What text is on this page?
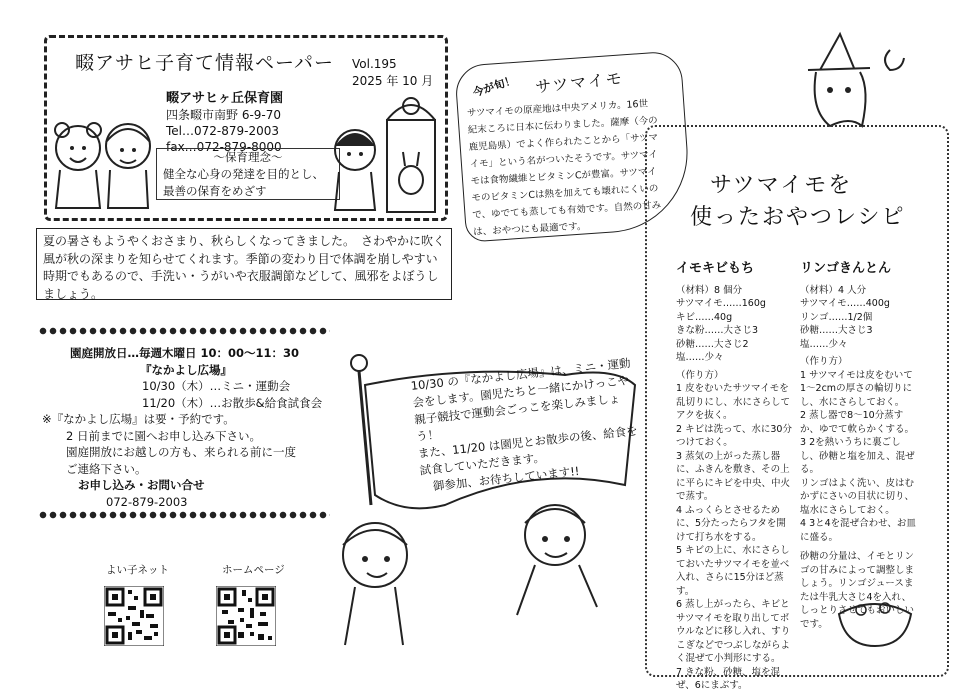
畷アサヒ子育て情報ペーパー Vol.195
2025 年 10 月
畷アサヒヶ丘保育園
四条畷市南野 6-9-70
Tel…072-879-2003
fax…072-879-8000
～保育理念～
健全な心身の発達を目的とし、
最善の保育をめざす
夏の暑さもようやくおさまり、秋らしくなってきました。　さわやかに吹く風が秋の深まりを知らせてくれます。季節の変わり目で体調を崩しやすい時期でもあるので、手洗い・うがいや衣服調節などして、風邪をよぼうしましょう。
園庭開放日…毎週木曜日 10：00～11：30
『なかよし広場』
10/30（木）…ミニ・運動会
11/20（木）…お散歩&給食試食会
※『なかよし広場』は要・予約です。
2 日前までに園へお申し込み下さい。
園庭開放にお越しの方も、来られる前に一度
ご連絡下さい。
お申し込み・お問い合せ
072-879-2003
よい子ネット	ホームページ
10/30 の『なかよし広場』は、ミニ・運動会をします。園児たちと一緒にかけっこや親子競技で運動会ごっこを楽しみましょう！
また、11/20 は園児とお散歩の後、給食を試食していただきます。
　御参加、お待ちしています!!
今が旬！ サツマイモ
サツマイモの原産地は中央アメリカ。16世紀末ころに日本に伝わりました。薩摩（今の鹿児島県）でよく作られたことから「サツマイモ」という名がついたそうです。サツマイモは食物繊維とビタミンCが豊富。サツマイモのビタミンCは熱を加えても壊れにくいので、ゆでても蒸しても有効です。自然の甘みは、おやつにも最適です。
サツマイモを
使ったおやつレシピ
イモキビもち
（材料）8 個分
サツマイモ……160g
キビ……40g
きな粉……大さじ3
砂糖……大さじ2
塩……少々
（作り方）
1 皮をむいたサツマイモを乱切りにし、水にさらしてアクを抜く。
2 キビは洗って、水に30分つけておく。
3 蒸気の上がった蒸し器に、ふきんを敷き、その上に平らにキビを中央、中火で蒸す。
4 ふっくらとさせるために、5分たったらフタを開けて打ち水をする。
5 キビの上に、水にさらしておいたサツマイモを並べ入れ、さらに15分ほど蒸す。
6 蒸し上がったら、キビとサツマイモを取り出してボウルなどに移し入れ、すりこぎなどでつぶしながらよく混ぜて小判形にする。
7 きな粉、砂糖、塩を混ぜ、6にまぶす。
リンゴきんとん
（材料）4 人分
サツマイモ……400g
リンゴ……1/2個
砂糖……大さじ3
塩……少々
（作り方）
1 サツマイモは皮をむいて1～2cmの厚さの輪切りにし、水にさらしておく。
2 蒸し器で8～10分蒸すか、ゆでて軟らかくする。
3 2を熱いうちに裏ごしし、砂糖と塩を加え、混ぜる。
リンゴはよく洗い、皮はむかずにさいの目状に切り、塩水にさらしておく。
4 3と4を混ぜ合わせ、お皿に盛る。
砂糖の分量は、イモとリンゴの甘みによって調整しましょう。リンゴジュースまたは牛乳大さじ4を入れ、しっとりさせてもおいしいです。
